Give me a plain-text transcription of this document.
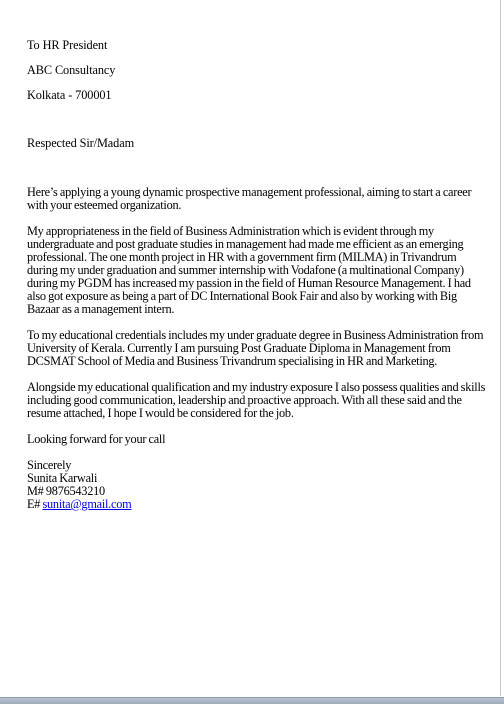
To HR President
ABC Consultancy
Kolkata - 700001
Respected Sir/Madam

Here’s applying a young dynamic prospective management professional, aiming to start a career with your esteemed organization.

My appropriateness in the field of Business Administration which is evident through my undergraduate and post graduate studies in management had made me efficient as an emerging professional. The one month project in HR with a government firm (MILMA) in Trivandrum during my under graduation and summer internship with Vodafone (a multinational Company) during my PGDM has increased my passion in the field of Human Resource Management. I had also got exposure as being a part of DC International Book Fair and also by working with Big Bazaar as a management intern.

To my educational credentials includes my under graduate degree in Business Administration from University of Kerala. Currently I am pursuing Post Graduate Diploma in Management from DCSMAT School of Media and Business Trivandrum specialising in HR and Marketing.

Alongside my educational qualification and my industry exposure I also possess qualities and skills including good communication, leadership and proactive approach. With all these said and the resume attached, I hope I would be considered for the job.

Looking forward for your call

Sincerely
Sunita Karwali
M# 9876543210
E# sunita@gmail.com
